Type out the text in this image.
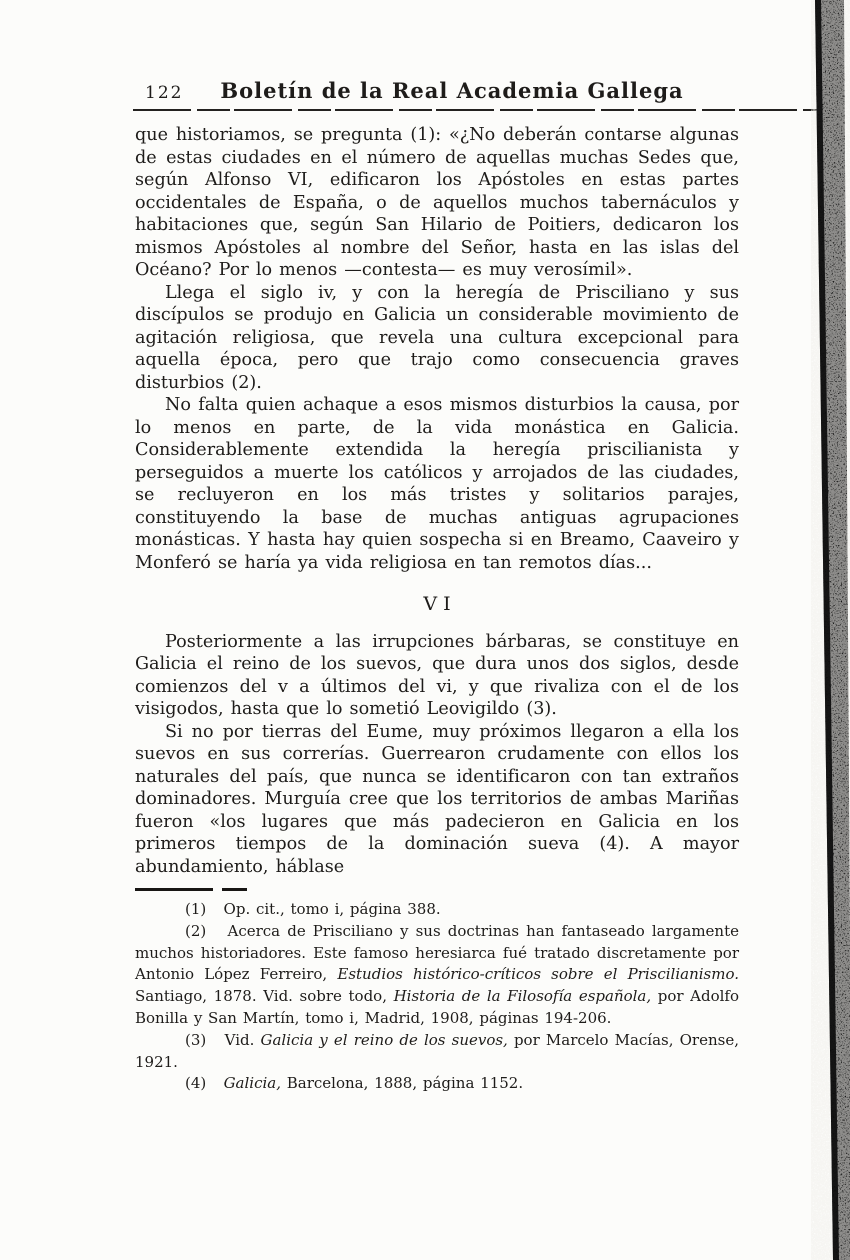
122	Boletín de la Real Academia Gallega

que historiamos, se pregunta (1): «¿No deberán contarse algunas de estas ciudades en el número de aquellas muchas Sedes que, según Alfonso VI, edificaron los Apóstoles en estas partes occidentales de España, o de aquellos muchos tabernáculos y habitaciones que, según San Hilario de Poitiers, dedicaron los mismos Apóstoles al nombre del Señor, hasta en las islas del Océano? Por lo menos —contesta— es muy verosímil».

Llega el siglo iv, y con la heregía de Prisciliano y sus discípulos se produjo en Galicia un considerable movimiento de agitación religiosa, que revela una cultura excepcional para aquella época, pero que trajo como consecuencia graves disturbios (2).

No falta quien achaque a esos mismos disturbios la causa, por lo menos en parte, de la vida monástica en Galicia. Considerablemente extendida la heregía priscilianista y perseguidos a muerte los católicos y arrojados de las ciudades, se recluyeron en los más tristes y solitarios parajes, constituyendo la base de muchas antiguas agrupaciones monásticas. Y hasta hay quien sospecha si en Breamo, Caaveiro y Monferó se haría ya vida religiosa en tan remotos días...

VI

Posteriormente a las irrupciones bárbaras, se constituye en Galicia el reino de los suevos, que dura unos dos siglos, desde comienzos del v a últimos del vi, y que rivaliza con el de los visigodos, hasta que lo sometió Leovigildo (3).

Si no por tierras del Eume, muy próximos llegaron a ella los suevos en sus correrías. Guerrearon crudamente con ellos los naturales del país, que nunca se identificaron con tan extraños dominadores. Murguía cree que los territorios de ambas Mariñas fueron «los lugares que más padecieron en Galicia en los primeros tiempos de la dominación sueva (4). A mayor abundamiento, háblase

(1)   Op. cit., tomo i, página 388.

(2)   Acerca de Prisciliano y sus doctrinas han fantaseado largamente muchos historiadores. Este famoso heresiarca fué tratado discretamente por Antonio López Ferreiro, Estudios histórico-críticos sobre el Priscilianismo. Santiago, 1878. Vid. sobre todo, Historia de la Filosofía española, por Adolfo Bonilla y San Martín, tomo i, Madrid, 1908, páginas 194-206.

(3)   Vid. Galicia y el reino de los suevos, por Marcelo Macías, Orense, 1921.

(4)   Galicia, Barcelona, 1888, página 1152.
